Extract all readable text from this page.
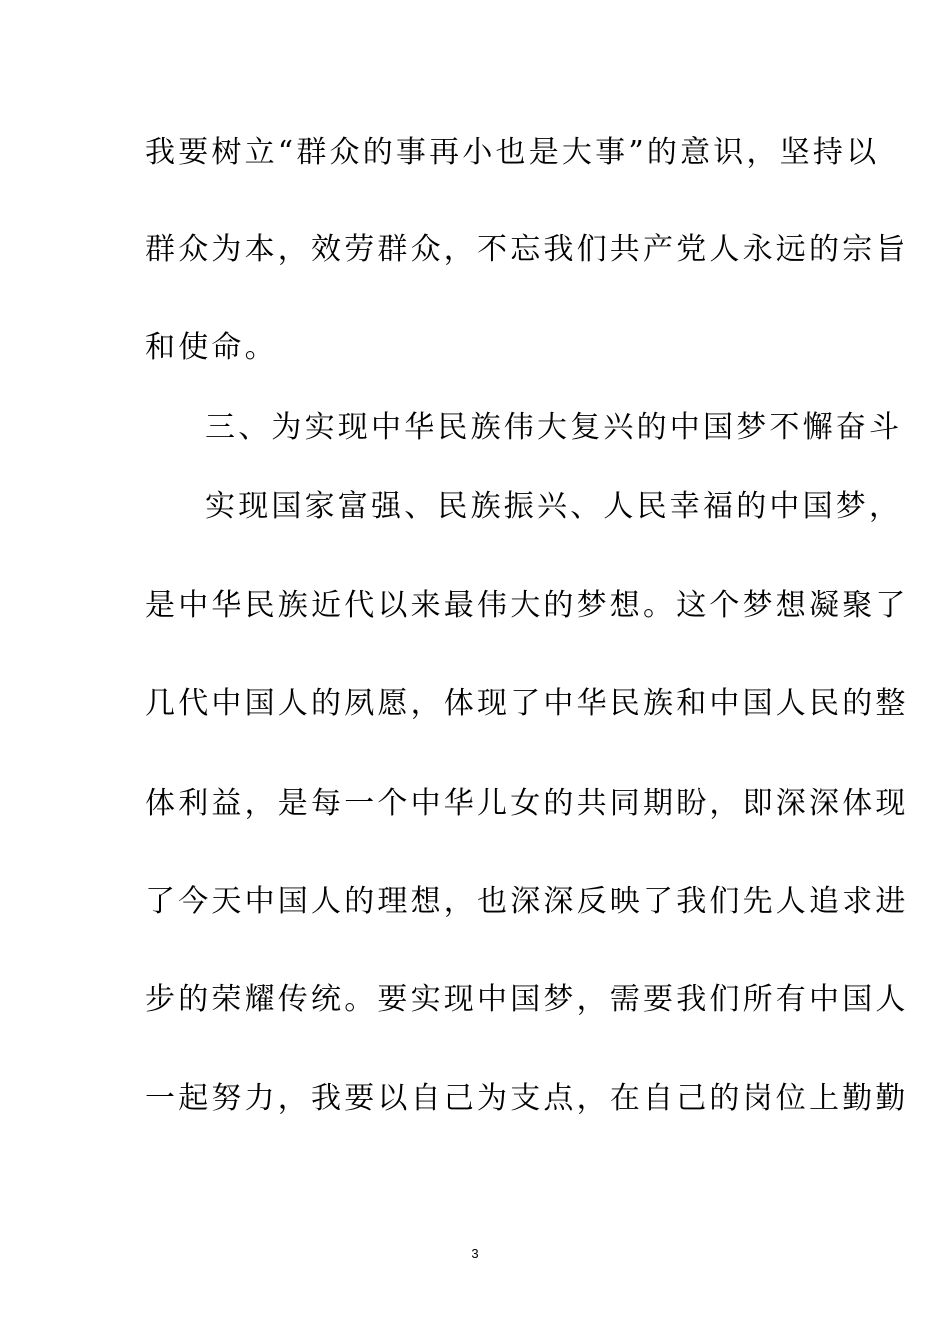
我要树立“群众的事再小也是大事”的意识，坚持以
群众为本，效劳群众，不忘我们共产党人永远的宗旨
和使命。
三、为实现中华民族伟大复兴的中国梦不懈奋斗
实现国家富强、民族振兴、人民幸福的中国梦，
是中华民族近代以来最伟大的梦想。这个梦想凝聚了
几代中国人的夙愿，体现了中华民族和中国人民的整
体利益，是每一个中华儿女的共同期盼，即深深体现
了今天中国人的理想，也深深反映了我们先人追求进
步的荣耀传统。要实现中国梦，需要我们所有中国人
一起努力，我要以自己为支点，在自己的岗位上勤勤
3
